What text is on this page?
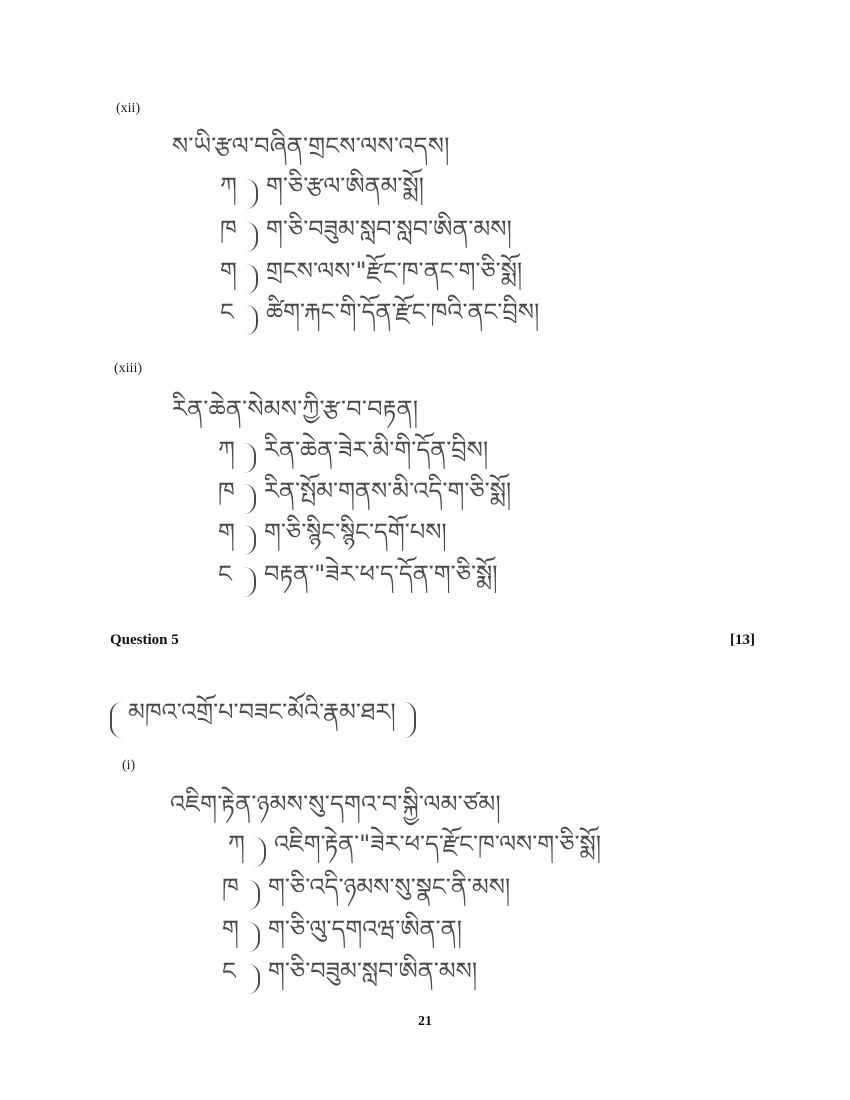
(xii)
ས་ཡི་རྩལ་བཞིན་གྲངས་ལས་འདས།
ཀ ག་ཅི་རྩལ་ཨིནམ་སྨོ།
ཁ ག་ཅི་བཟུམ་སླབ་སླབ་ཨིན་མས།
ག གྲངས་ལས་"རྫོང་ཁ་ནང་ག་ཅི་སྨོ།
ང	ཚིག་རྐང་གི་དོན་རྫོང་ཁའི་ནང་བྲིས།
(xiii)
རིན་ཆེན་སེམས་ཀྱི་རྩ་བ་བརྟན།
ཀ རིན་ཆེན་ཟེར་མི་གི་དོན་བྲིས།
ཁ རིན་སྤོམ་གནས་མི་འདི་ག་ཅི་སྨོ།
ག ག་ཅི་སྙིང་སྙིང་དགོ་པས།
ང	བརྟན་"ཟེར་ཕ་ད་དོན་ག་ཅི་སྨོ།
Question 5	[13]
མཁའ་འགྲོ་པ་བཟང་མོའི་རྣམ་ཐར།
(i)
འཇིག་རྟེན་ཉམས་སུ་དགའ་བ་སྐྱི་ལམ་ཙམ།
ཀ འཇིག་རྟེན་"ཟེར་ཕ་ད་རྫོང་ཁ་ལས་ག་ཅི་སྨོ།
ཁ ག་ཅི་འདི་ཉམས་སུ་སྣང་ནི་མས།
ག ག་ཅི་ལུ་དགའཝ་ཨིན་ན།
ང	ག་ཅི་བཟུམ་སླབ་ཨིན་མས།
21
